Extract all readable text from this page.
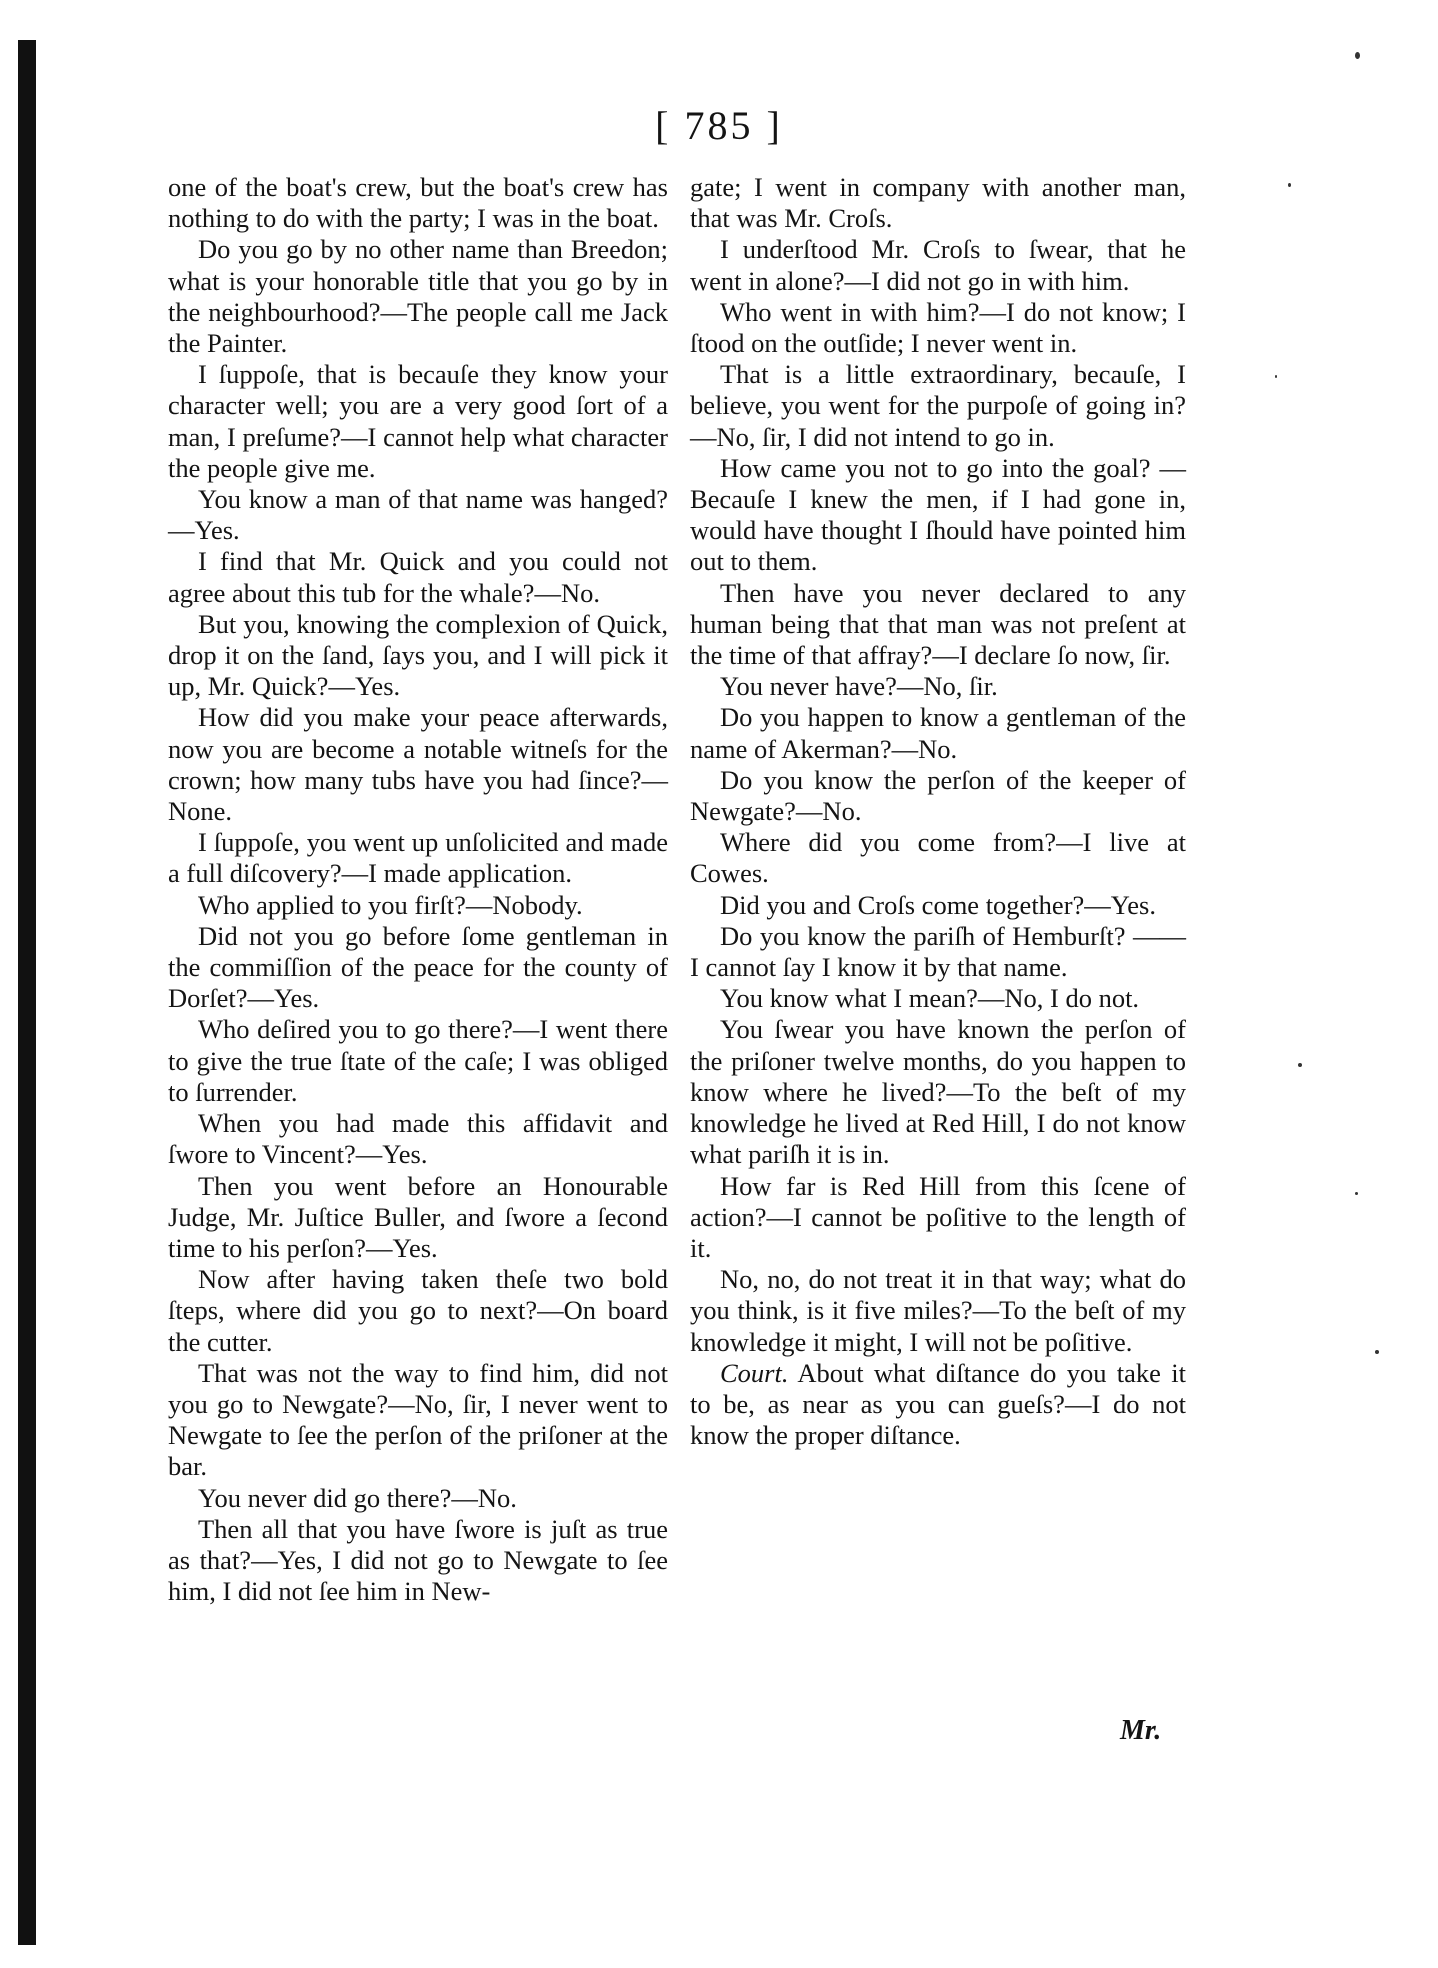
[ 785 ]

one of the boat's crew, but the boat's crew has nothing to do with the party; I was in the boat.

Do you go by no other name than Breedon; what is your honorable title that you go by in the neighbourhood?—The people call me Jack the Painter.

I ſuppoſe, that is becauſe they know your character well; you are a very good ſort of a man, I preſume?—I cannot help what character the people give me.

You know a man of that name was hanged?—Yes.

I find that Mr. Quick and you could not agree about this tub for the whale?—No.

But you, knowing the complexion of Quick, drop it on the ſand, ſays you, and I will pick it up, Mr. Quick?—Yes.

How did you make your peace afterwards, now you are become a notable witneſs for the crown; how many tubs have you had ſince?—None.

I ſuppoſe, you went up unſolicited and made a full diſcovery?—I made application.

Who applied to you firſt?—Nobody.

Did not you go before ſome gentleman in the commiſſion of the peace for the county of Dorſet?—Yes.

Who deſired you to go there?—I went there to give the true ſtate of the caſe; I was obliged to ſurrender.

When you had made this affidavit and ſwore to Vincent?—Yes.

Then you went before an Honourable Judge, Mr. Juſtice Buller, and ſwore a ſecond time to his perſon?—Yes.

Now after having taken theſe two bold ſteps, where did you go to next?—On board the cutter.

That was not the way to find him, did not you go to Newgate?—No, ſir, I never went to Newgate to ſee the perſon of the priſoner at the bar.

You never did go there?—No.

Then all that you have ſwore is juſt as true as that?—Yes, I did not go to Newgate to ſee him, I did not ſee him in New-

gate; I went in company with another man, that was Mr. Croſs.

I underſtood Mr. Croſs to ſwear, that he went in alone?—I did not go in with him.

Who went in with him?—I do not know; I ſtood on the outſide; I never went in.

That is a little extraordinary, becauſe, I believe, you went for the purpoſe of going in?—No, ſir, I did not intend to go in.

How came you not to go into the goal? —Becauſe I knew the men, if I had gone in, would have thought I ſhould have pointed him out to them.

Then have you never declared to any human being that that man was not preſent at the time of that affray?—I declare ſo now, ſir.

You never have?—No, ſir.

Do you happen to know a gentleman of the name of Akerman?—No.

Do you know the perſon of the keeper of Newgate?—No.

Where did you come from?—I live at Cowes.

Did you and Croſs come together?—Yes.

Do you know the pariſh of Hemburſt? ——I cannot ſay I know it by that name.

You know what I mean?—No, I do not.

You ſwear you have known the perſon of the priſoner twelve months, do you happen to know where he lived?—To the beſt of my knowledge he lived at Red Hill, I do not know what pariſh it is in.

How far is Red Hill from this ſcene of action?—I cannot be poſitive to the length of it.

No, no, do not treat it in that way; what do you think, is it five miles?—To the beſt of my knowledge it might, I will not be poſitive.

Court. About what diſtance do you take it to be, as near as you can gueſs?—I do not know the proper diſtance.

Mr.
